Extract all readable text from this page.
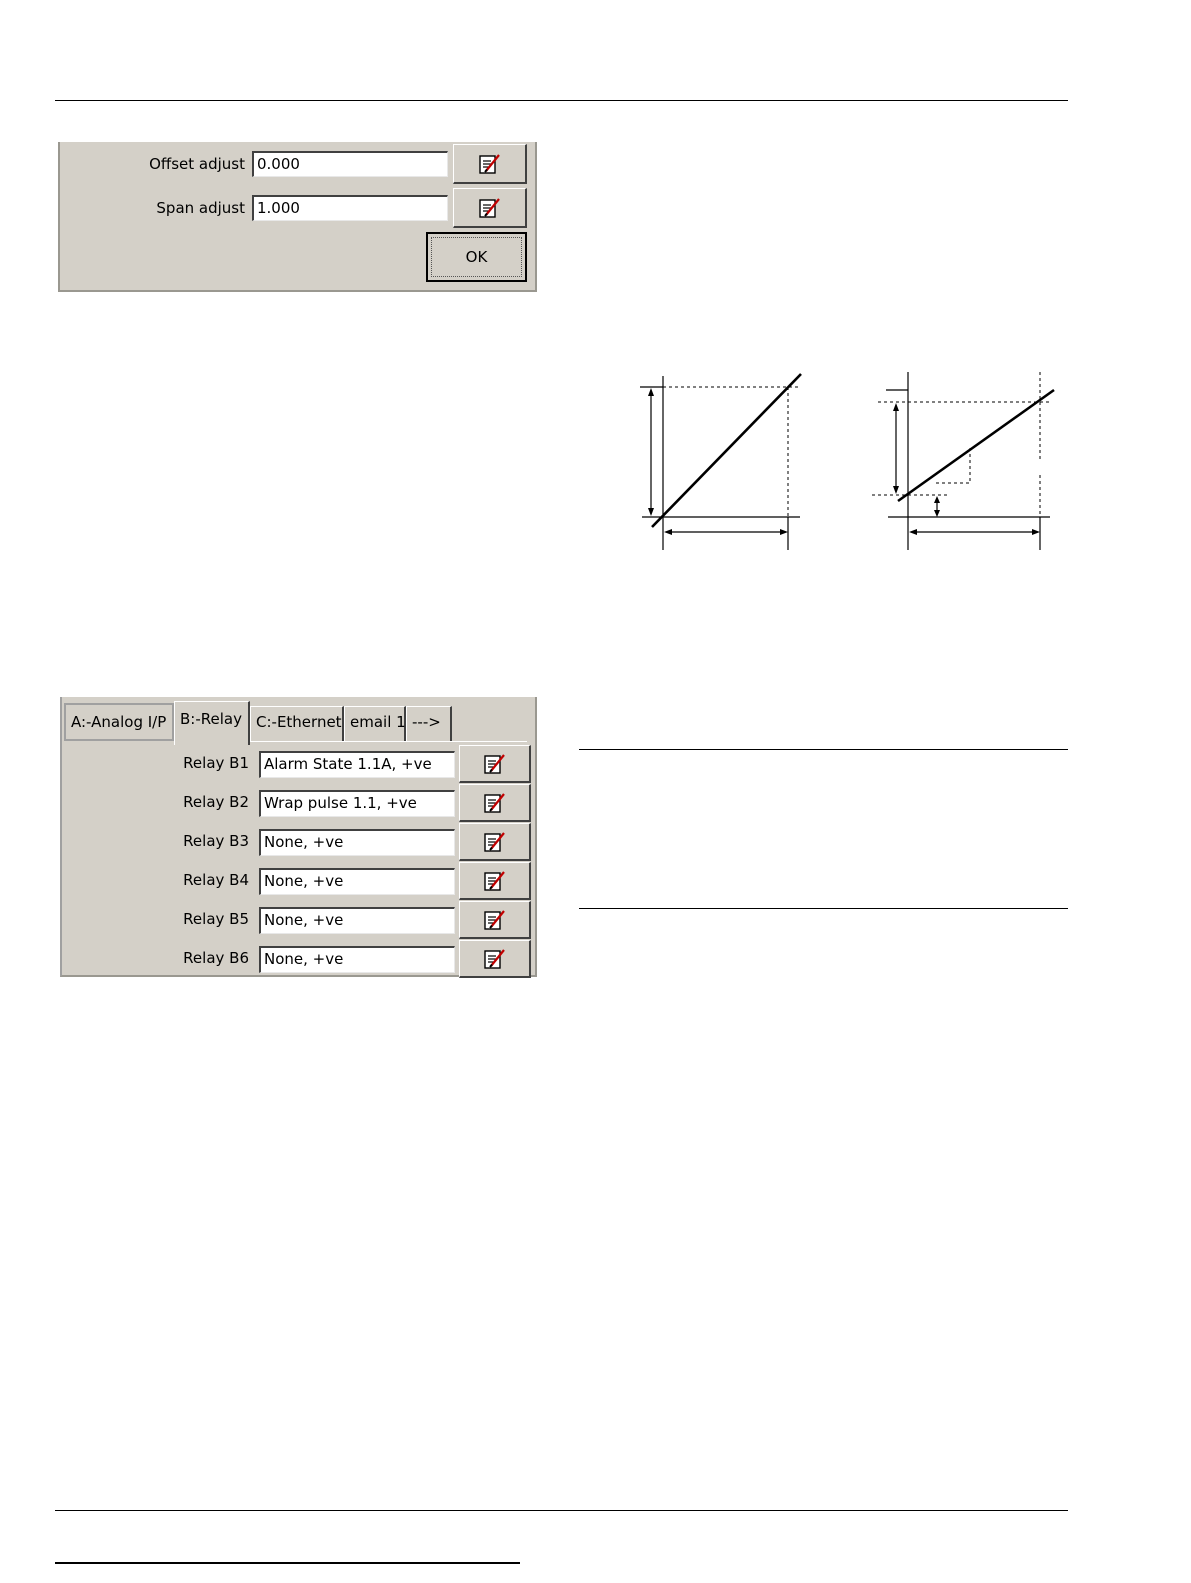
Offset adjust 0.000
Span adjust 1.000
OK
A:-Analog I/P B:-Relay C:-Ethernet email 1 --->
Relay B1	Alarm State 1.1A, +ve
Relay B2	Wrap pulse 1.1, +ve
Relay B3	None, +ve
Relay B4	None, +ve
Relay B5	None, +ve
Relay B6	None, +ve
